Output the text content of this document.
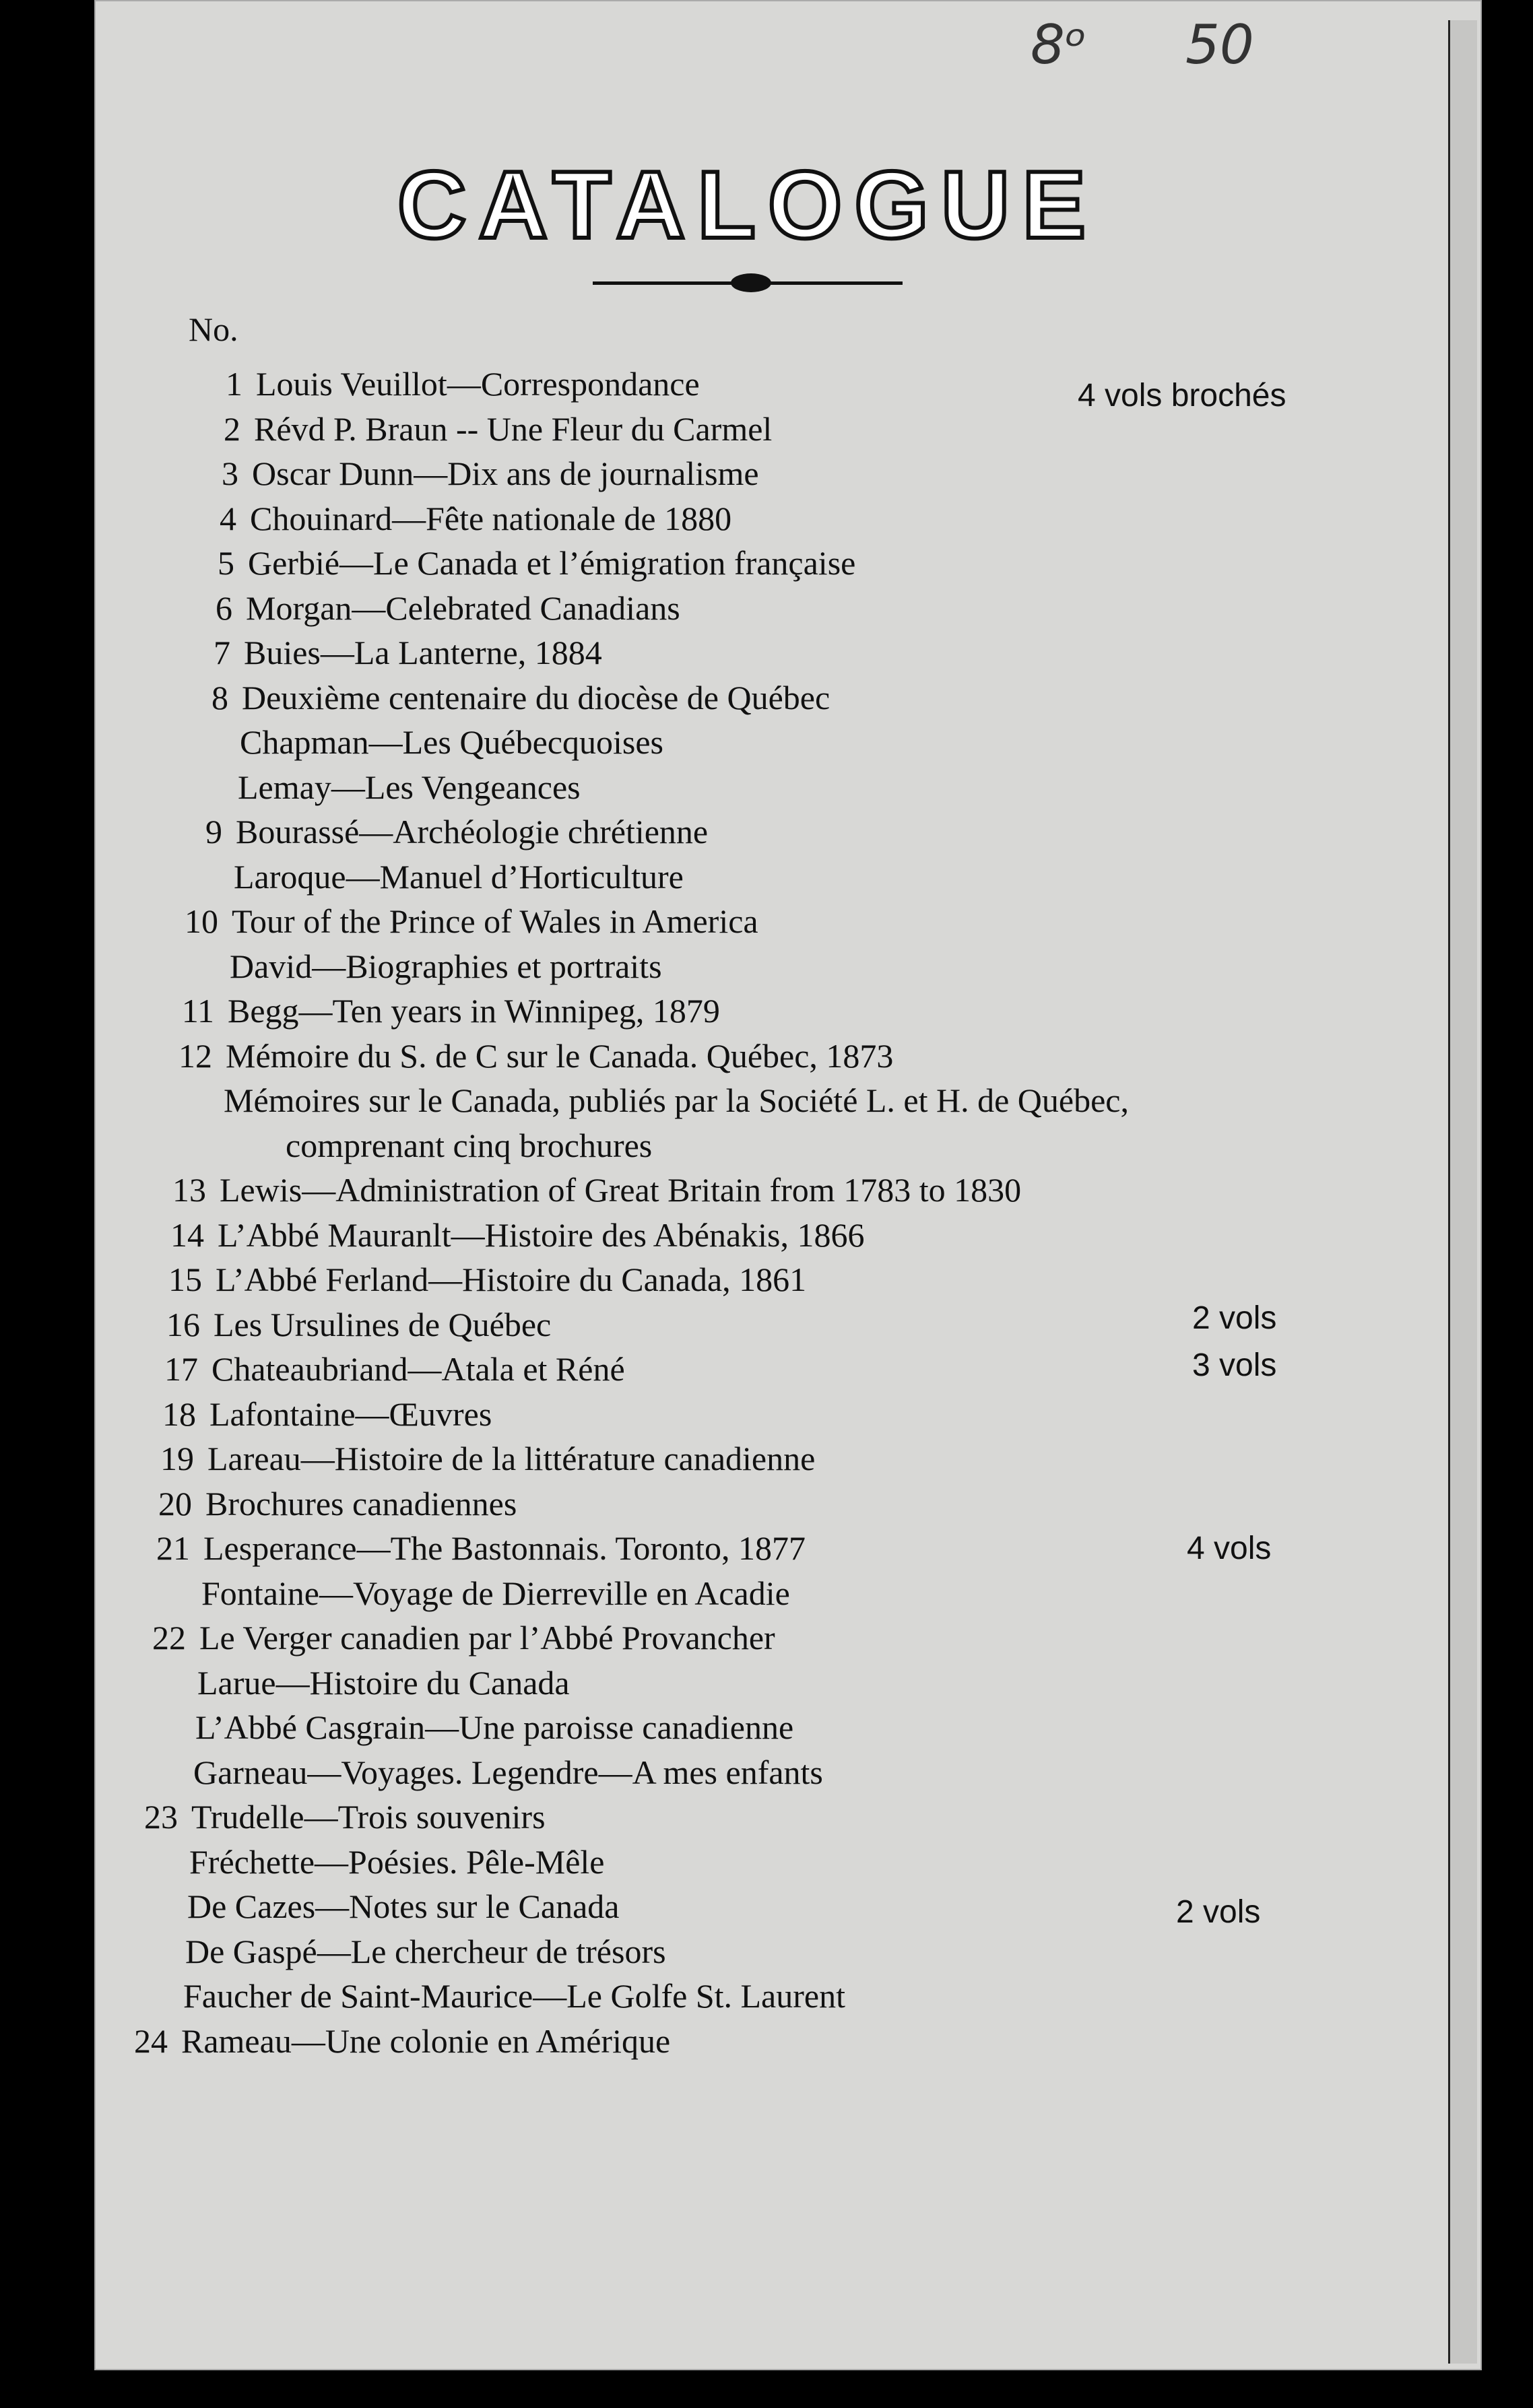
8ᵒ 50
CATALOGUE
No.
1 Louis Veuillot—Correspondance
2 Révd P. Braun -- Une Fleur du Carmel
3 Oscar Dunn—Dix ans de journalisme
4 Chouinard—Fête nationale de 1880
5 Gerbié—Le Canada et l’émigration française
6 Morgan—Celebrated Canadians
7 Buies—La Lanterne, 1884
8 Deuxième centenaire du diocèse de Québec
Chapman—Les Québecquoises
Lemay—Les Vengeances
9 Bourassé—Archéologie chrétienne
Laroque—Manuel d’Horticulture
10 Tour of the Prince of Wales in America
David—Biographies et portraits
11 Begg—Ten years in Winnipeg, 1879
12 Mémoire du S. de C sur le Canada. Québec, 1873
Mémoires sur le Canada, publiés par la Société L. et H. de Québec,
comprenant cinq brochures
13 Lewis—Administration of Great Britain from 1783 to 1830
14 L’Abbé Mauranlt—Histoire des Abénakis, 1866
15 L’Abbé Ferland—Histoire du Canada, 1861
16 Les Ursulines de Québec
17 Chateaubriand—Atala et Réné
18 Lafontaine—Œuvres
19 Lareau—Histoire de la littérature canadienne
20 Brochures canadiennes
21 Lesperance—The Bastonnais. Toronto, 1877
Fontaine—Voyage de Dierreville en Acadie
22 Le Verger canadien par l’Abbé Provancher
Larue—Histoire du Canada
L’Abbé Casgrain—Une paroisse canadienne
Garneau—Voyages. Legendre—A mes enfants
23 Trudelle—Trois souvenirs
Fréchette—Poésies. Pêle-Mêle
De Cazes—Notes sur le Canada
De Gaspé—Le chercheur de trésors
Faucher de Saint-Maurice—Le Golfe St. Laurent
24 Rameau—Une colonie en Amérique
4 vols brochés
2 vols
3 vols
4 vols
2 vols
